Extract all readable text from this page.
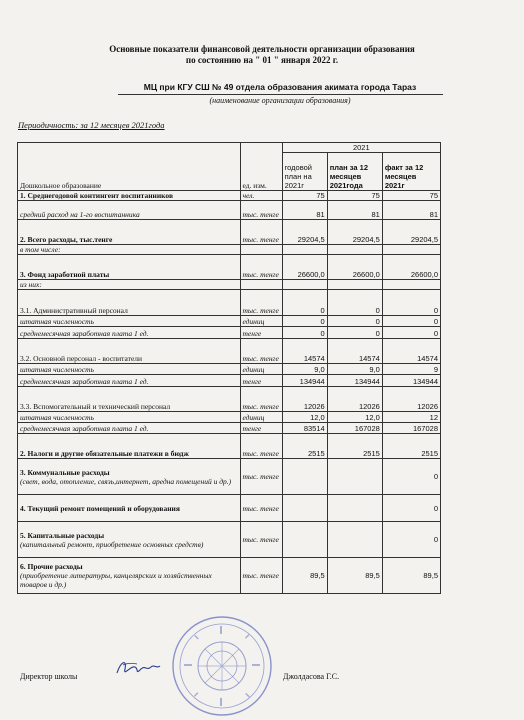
Основные показатели финансовой деятельности организации образования
по состоянию на " 01 " января 2022 г.
МЦ при КГУ СШ № 49 отдела образования акимата города Тараз
(наименование организации образования)
Периодичность: за 12 месяцев 2021года
Дошкольное образование	ед. изм.	2021		
		годовой план на 2021г	план за 12 месяцев 2021года	факт за 12 месяцев 2021г
1. Среднегодовой контингент воспитанников	чел.	75	75	75
средний расход на 1-го воспитанника	тыс. тенге	81	81	81
2. Всего расходы, тыс.тенге	тыс. тенге	29204,5	29204,5	29204,5
в том числе:				
3. Фонд заработной платы	тыс. тенге	26600,0	26600,0	26600,0
из них:				
3.1. Административный персонал	тыс. тенге	0	0	0
штатная численность	единиц	0	0	0
среднемесячная заработная плата 1 ед.	тенге	0	0	0
3.2. Основной персонал - воспитатели	тыс. тенге	14574	14574	14574
штатная численность	единиц	9,0	9,0	9
среднемесячная заработная плата 1 ед.	тенге	134944	134944	134944
3.3. Вспомогательный и технический персонал	тыс. тенге	12026	12026	12026
штатная численность	единиц	12,0	12,0	12
среднемесячная заработная плата 1 ед.	тенге	83514	167028	167028
2. Налоги и другие обязательные платежи в бюдж	тыс. тенге	2515	2515	2515
3. Коммунальные расходы
(свет, вода, отопление, связь,интернет, аредна помещений и др.)	тыс. тенге			0
4. Текущий ремонт помещений и оборудования	тыс. тенге			0
5. Капитальные расходы
(капитальный ремонт, приобретение основных средств)	тыс. тенге			0
6. Прочие расходы
(приобретение литературы, канцелярских и хозяйственных товаров и др.)	тыс. тенге	89,5	89,5	89,5
Директор школы	Джолдасова Г.С.
